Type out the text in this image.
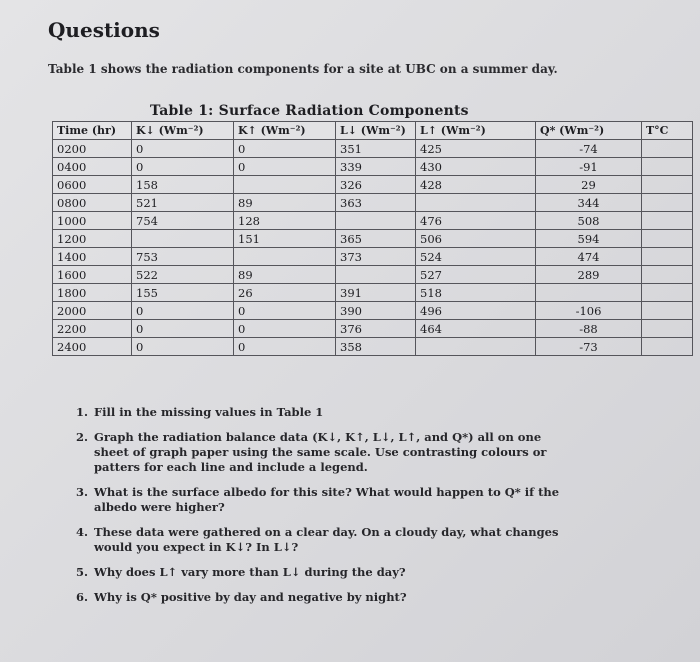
Questions
Table 1 shows the radiation components for a site at UBC on a summer day.
Table 1: Surface Radiation Components
Time (hr)	K↓ (Wm⁻²)	K↑ (Wm⁻²)	L↓ (Wm⁻²)	L↑ (Wm⁻²)	Q* (Wm⁻²)	T°C
0200	0	0	351	425	-74	
0400	0	0	339	430	-91	
0600	158		326	428	29	
0800	521	89	363		344	
1000	754	128		476	508	
1200		151	365	506	594	
1400	753		373	524	474	
1600	522	89		527	289	
1800	155	26	391	518		
2000	0	0	390	496	-106	
2200	0	0	376	464	-88	
2400	0	0	358		-73	
1. Fill in the missing values in Table 1
2. Graph the radiation balance data (K↓, K↑, L↓, L↑, and Q*) all on one sheet of graph paper using the same scale. Use contrasting colours or patters for each line and include a legend.
3. What is the surface albedo for this site? What would happen to Q* if the albedo were higher?
4. These data were gathered on a clear day. On a cloudy day, what changes would you expect in K↓? In L↓?
5. Why does L↑ vary more than L↓ during the day?
6. Why is Q* positive by day and negative by night?
